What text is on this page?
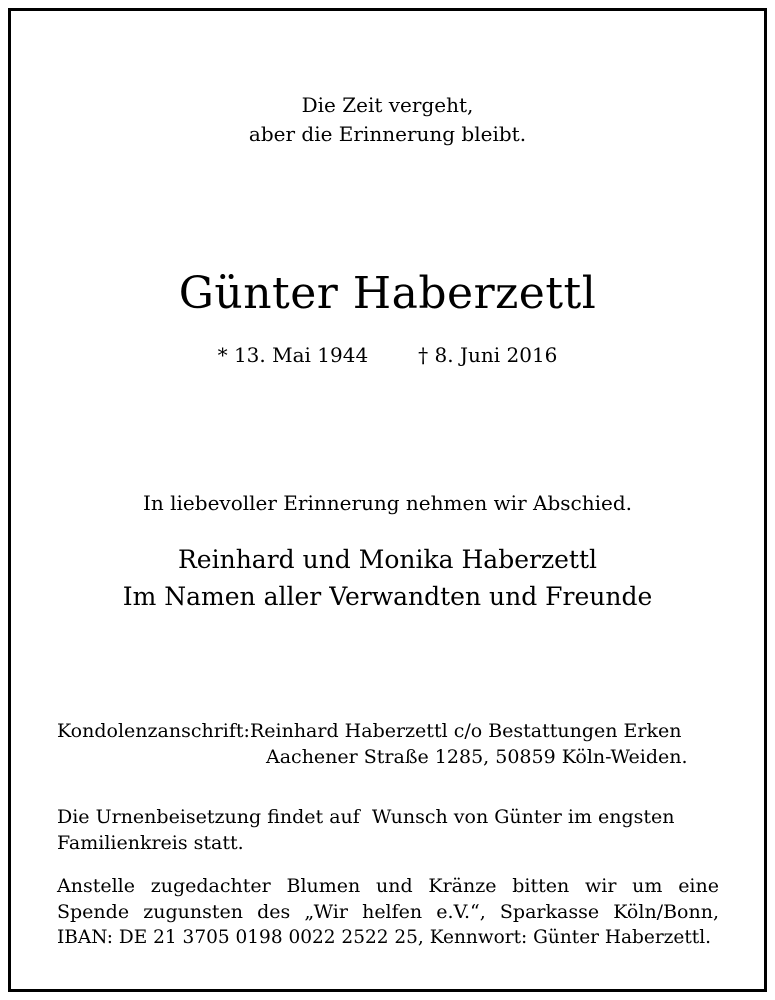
Die Zeit vergeht,
aber die Erinnerung bleibt.
Günter Haberzettl
* 13. Mai 1944	† 8. Juni 2016
In liebevoller Erinnerung nehmen wir Abschied.
Reinhard und Monika Haberzettl
Im Namen aller Verwandten und Freunde
Kondolenzanschrift:Reinhard Haberzettl c/o Bestattungen Erken
Aachener Straße 1285, 50859 Köln-Weiden.
Die Urnenbeisetzung findet auf  Wunsch von Günter im engsten
Familienkreis statt.
Anstelle zugedachter Blumen und Kränze bitten wir um eine
Spende zugunsten des „Wir helfen e.V.“, Sparkasse Köln/Bonn,
IBAN: DE 21 3705 0198 0022 2522 25, Kennwort: Günter Haberzettl.
